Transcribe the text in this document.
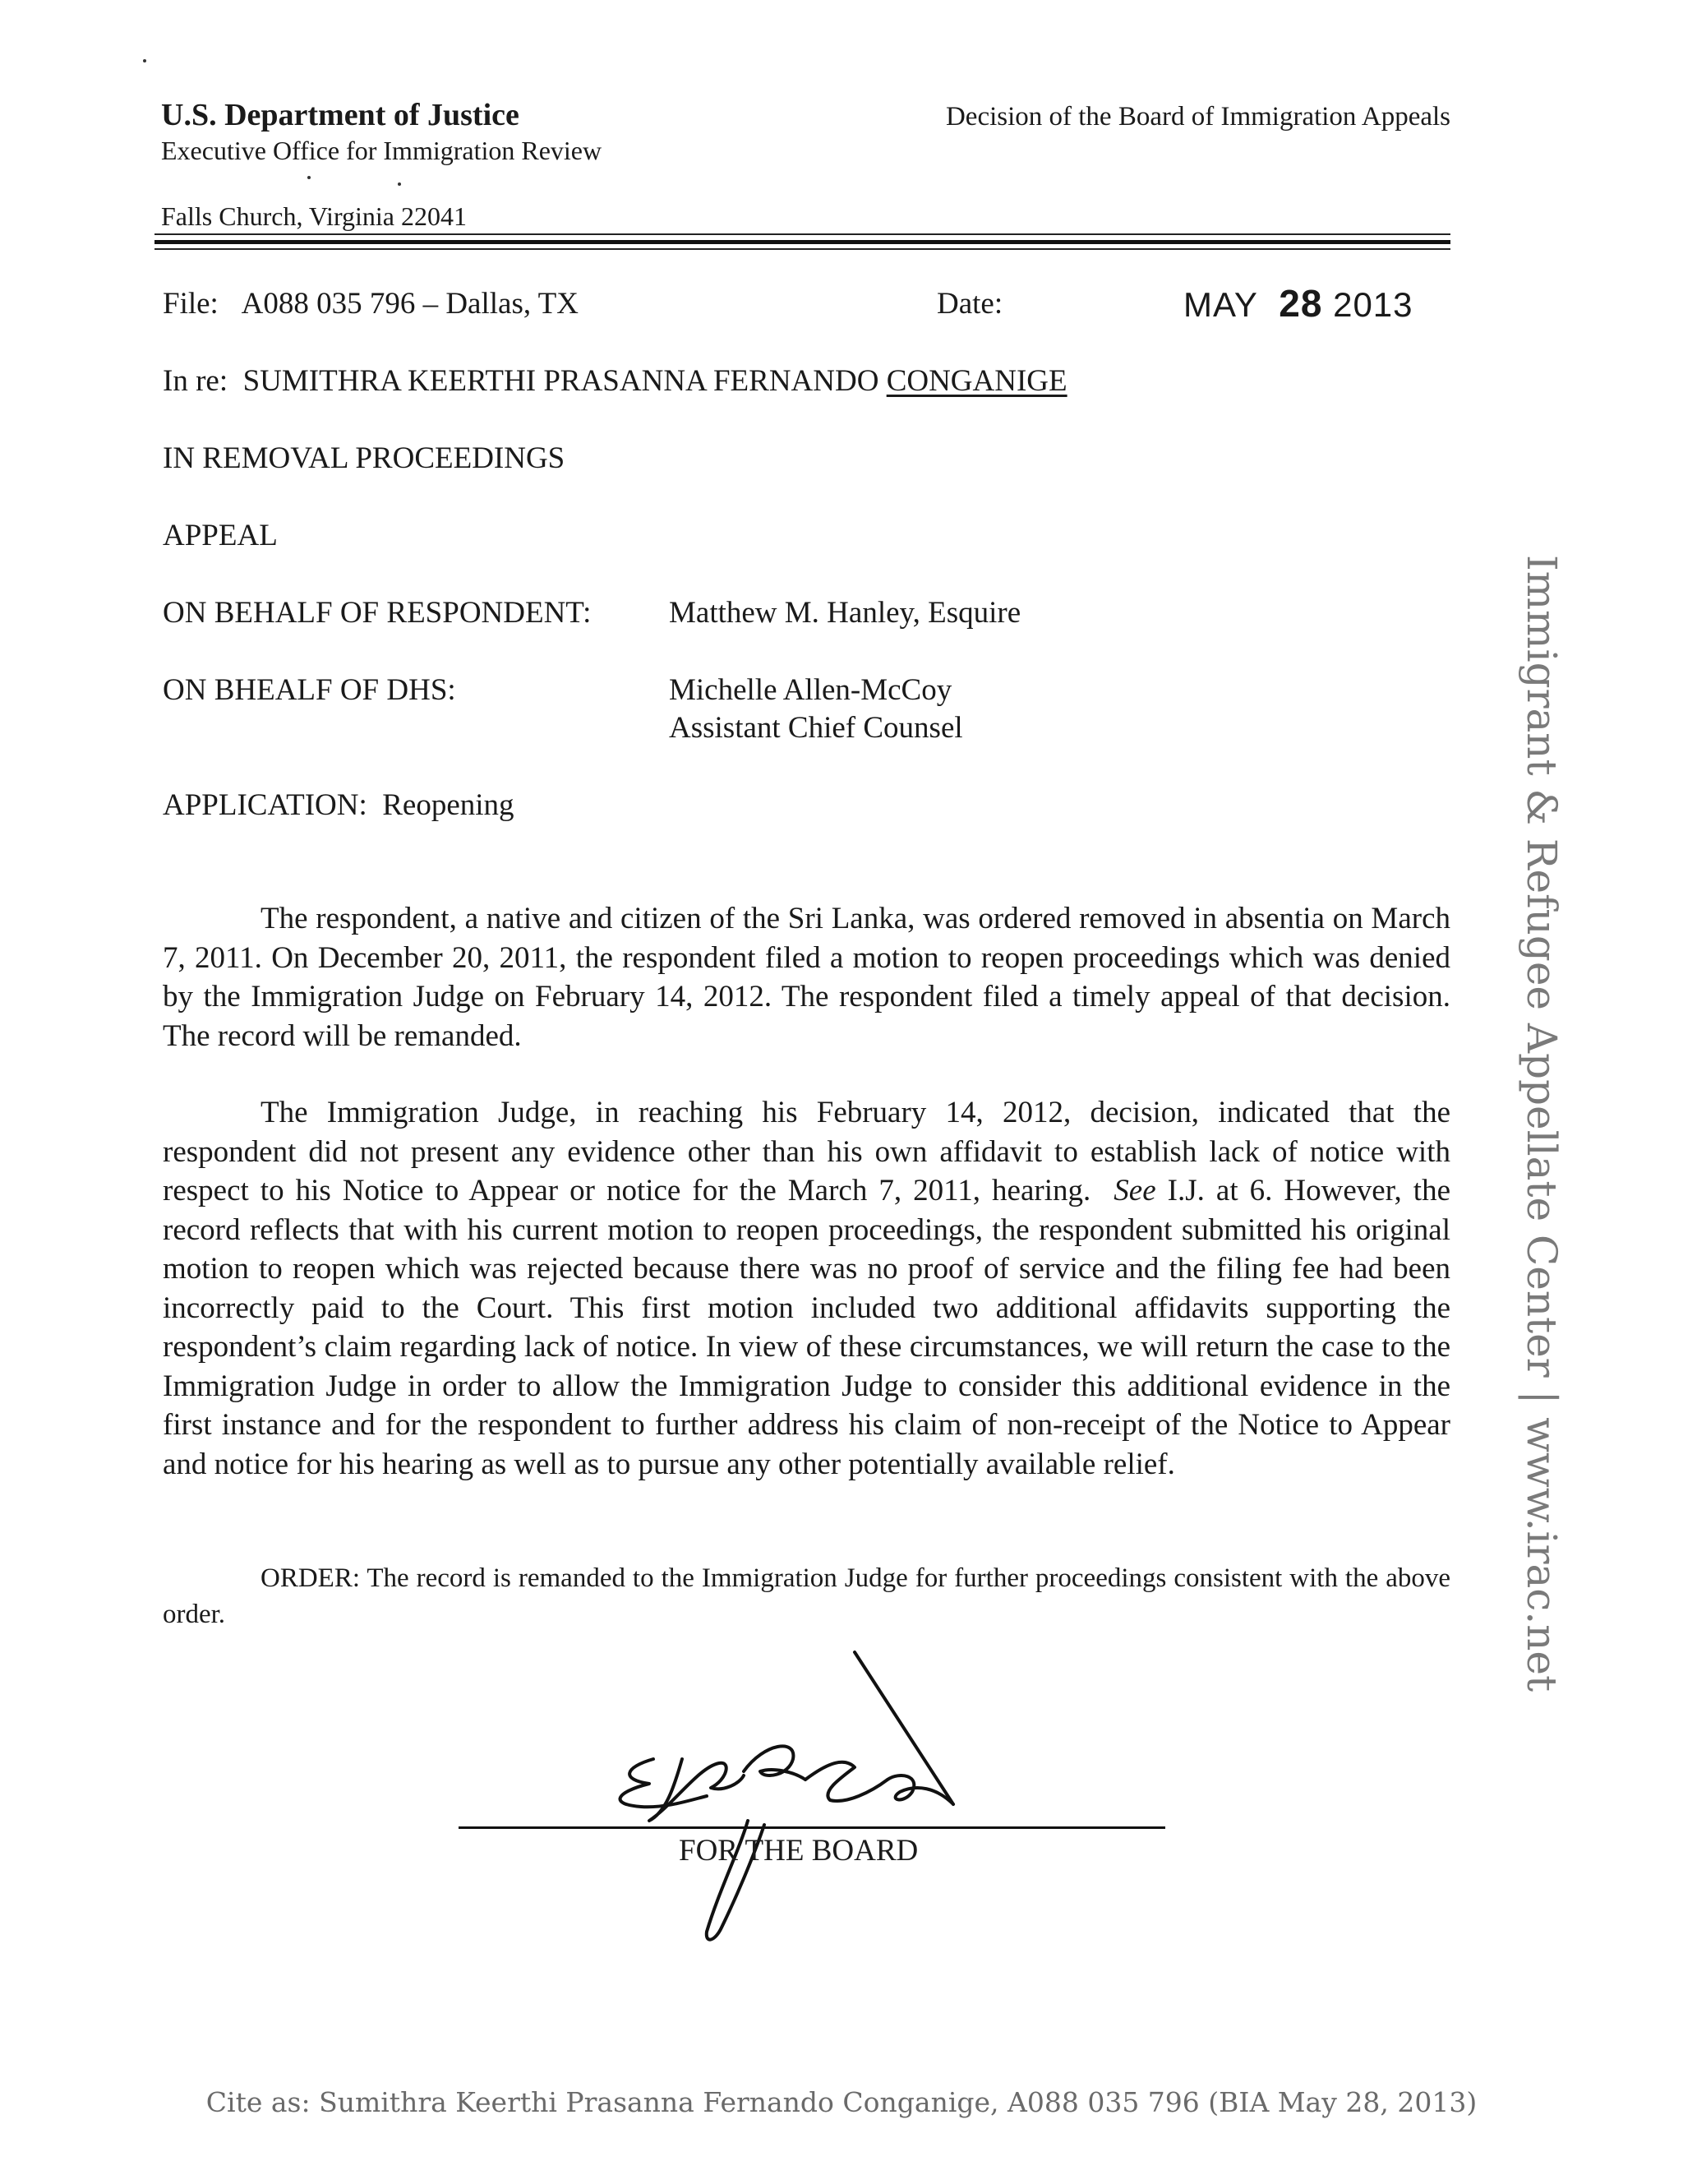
U.S. Department of Justice
Executive Office for Immigration Review
Falls Church, Virginia 22041
Decision of the Board of Immigration Appeals
File: A088 035 796 – Dallas, TX	Date:	MAY 28 2013
In re: SUMITHRA KEERTHI PRASANNA FERNANDO CONGANIGE
IN REMOVAL PROCEEDINGS
APPEAL
ON BEHALF OF RESPONDENT:	Matthew M. Hanley, Esquire
ON BHEALF OF DHS:	Michelle Allen-McCoy
Assistant Chief Counsel
APPLICATION: Reopening
The respondent, a native and citizen of the Sri Lanka, was ordered removed in absentia on March 7, 2011. On December 20, 2011, the respondent filed a motion to reopen proceedings which was denied by the Immigration Judge on February 14, 2012. The respondent filed a timely appeal of that decision. The record will be remanded.
The Immigration Judge, in reaching his February 14, 2012, decision, indicated that the respondent did not present any evidence other than his own affidavit to establish lack of notice with respect to his Notice to Appear or notice for the March 7, 2011, hearing. See I.J. at 6. However, the record reflects that with his current motion to reopen proceedings, the respondent submitted his original motion to reopen which was rejected because there was no proof of service and the filing fee had been incorrectly paid to the Court. This first motion included two additional affidavits supporting the respondent’s claim regarding lack of notice. In view of these circumstances, we will return the case to the Immigration Judge in order to allow the Immigration Judge to consider this additional evidence in the first instance and for the respondent to further address his claim of non-receipt of the Notice to Appear and notice for his hearing as well as to pursue any other potentially available relief.
ORDER: The record is remanded to the Immigration Judge for further proceedings consistent with the above order.
FOR THE BOARD
Immigrant & Refugee Appellate Center | www.irac.net
Cite as: Sumithra Keerthi Prasanna Fernando Conganige, A088 035 796 (BIA May 28, 2013)
